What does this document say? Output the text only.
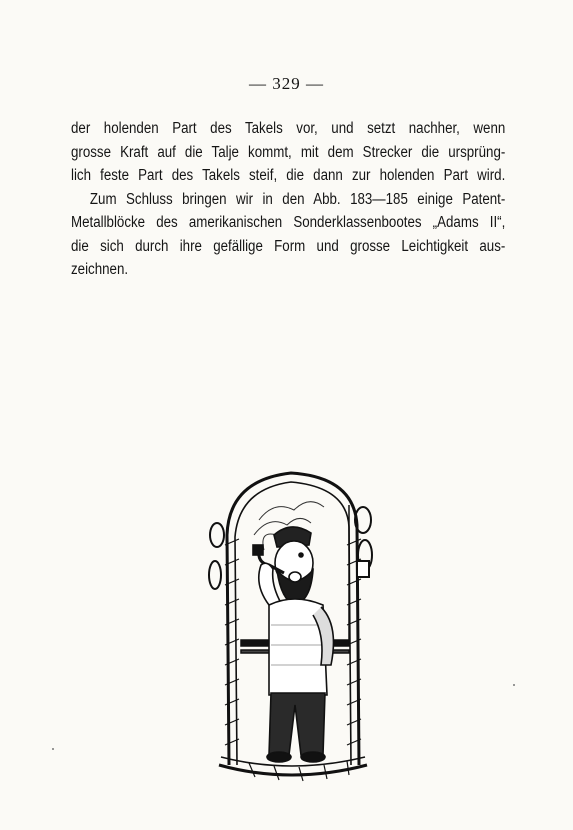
— 329 —
der holenden Part des Takels vor, und setzt nachher, wenn
grosse Kraft auf die Talje kommt, mit dem Strecker die ursprüng-
lich feste Part des Takels steif, die dann zur holenden Part wird.
Zum Schluss bringen wir in den Abb. 183—185 einige Patent-
Metallblöcke des amerikanischen Sonderklassenbootes „Adams II“,
die sich durch ihre gefällige Form und grosse Leichtigkeit aus-
zeichnen.
